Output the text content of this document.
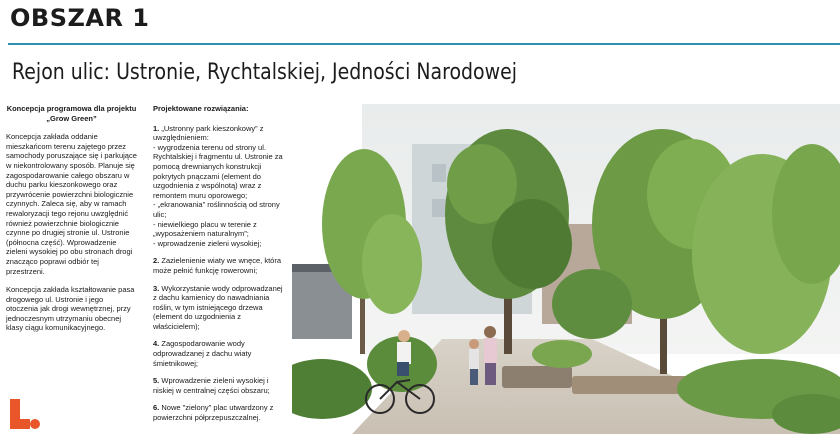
OBSZAR 1
Rejon ulic: Ustronie, Rychtalskiej, Jedności Narodowej
Koncepcja programowa dla projektu
„Grow Green”

Koncepcja zakłada oddanie mieszkańcom terenu zajętego przez samochody poruszające się i parkujące w niekontrolowany sposób. Planuje się zagospodarowanie całego obszaru w duchu parku kieszonkowego oraz przywrócenie powierzchni biologicznie czynnych. Zaleca się, aby w ramach rewaloryzacji tego rejonu uwzględnić również powierzchnie biologicznie czynne po drugiej stronie ul. Ustronie (północna część). Wprowadzenie zieleni wysokiej po obu stronach drogi znacząco poprawi odbiór tej przestrzeni.

Koncepcja zakłada kształtowanie pasa drogowego ul. Ustronie i jego otoczenia jak drogi wewnętrznej, przy jednoczesnym utrzymaniu obecnej klasy ciągu komunikacyjnego.

Projektowane rozwiązania:
1. „Ustronny park kieszonkowy” z uwzględnieniem:
- wygrodzenia terenu od strony ul. Rychtalskiej i fragmentu ul. Ustronie za pomocą drewnianych konstrukcji pokrytych pnączami (element do uzgodnienia z wspólnotą) wraz z remontem muru oporowego;
- „ekranowania” roślinnością od strony ulic;
- niewielkiego placu w terenie z „wyposażeniem naturalnym”;
- wprowadzenie zieleni wysokiej;
2. Zazielenienie wiaty we wnęce, która może pełnić funkcję rowerowni;
3. Wykorzystanie wody odprowadzanej z dachu kamienicy do nawadniania roślin, w tym istniejącego drzewa (element do uzgodnienia z właścicielem);
4. Zagospodarowanie wody odprowadzanej z dachu wiaty śmietnikowej;
5. Wprowadzenie zieleni wysokiej i niskiej w centralnej części obszaru;
6. Nowe "zielony" plac utwardzony z powierzchni półprzepuszczalnej.
